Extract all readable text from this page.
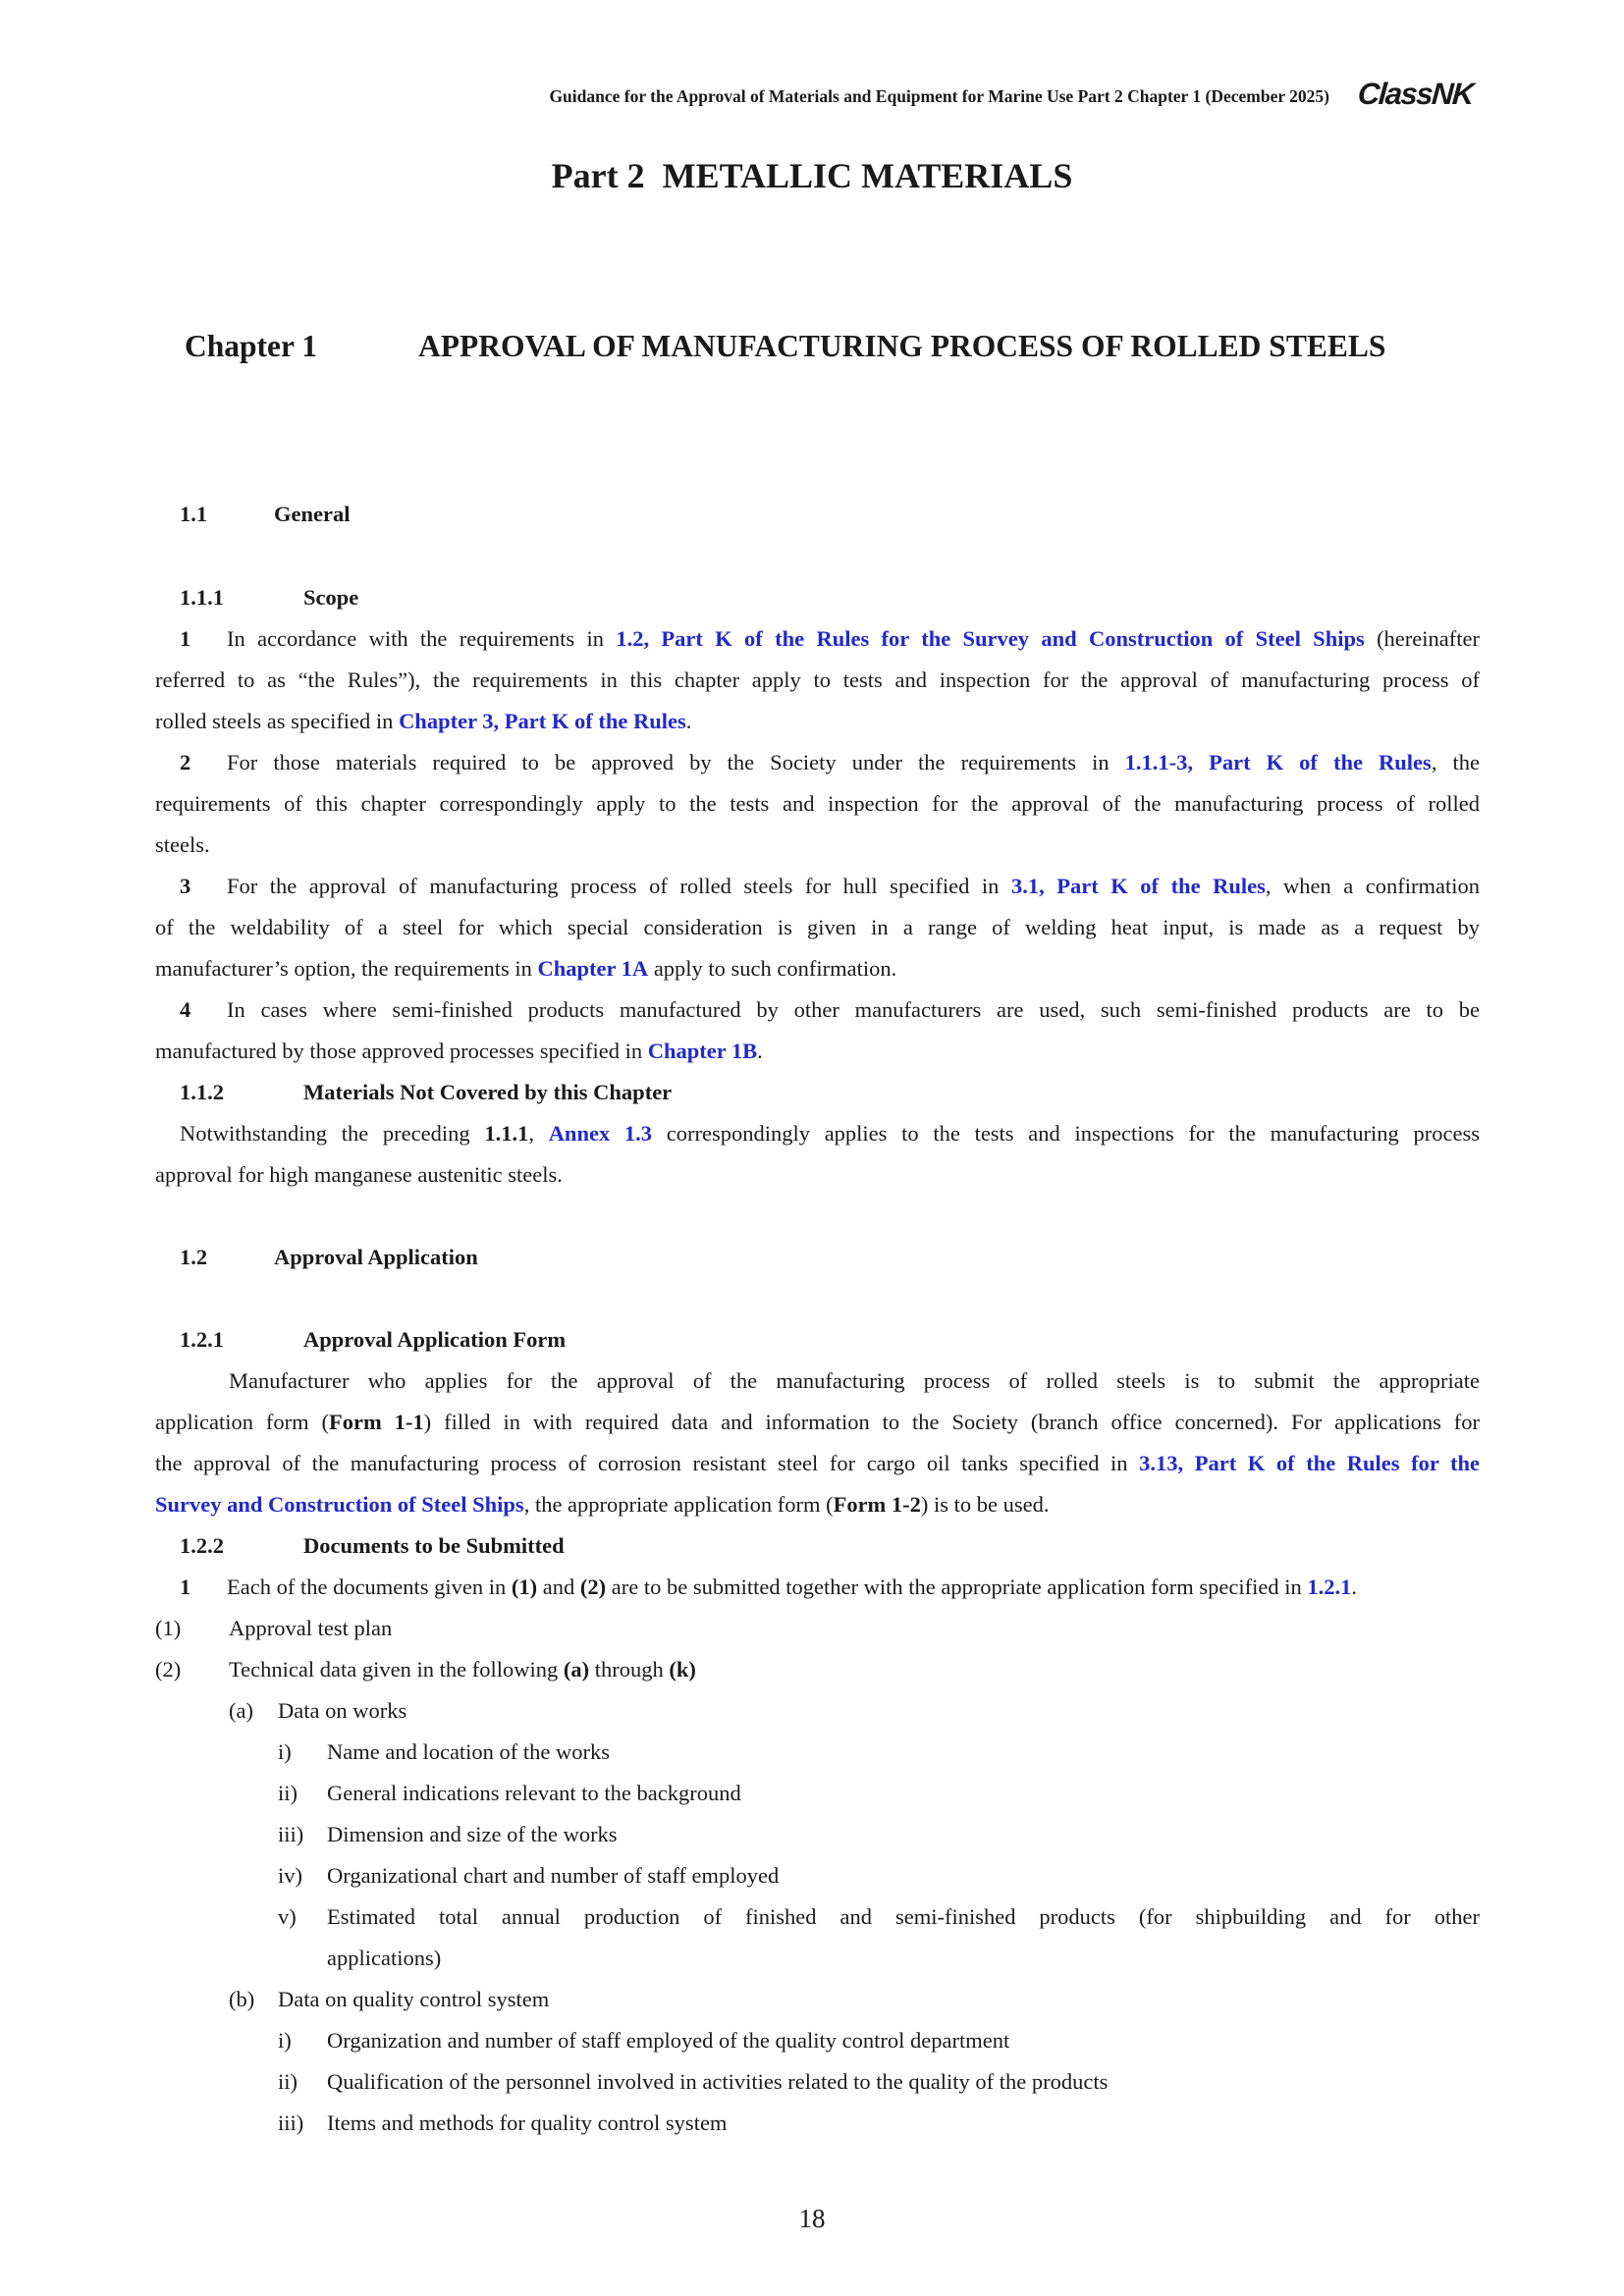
Guidance for the Approval of Materials and Equipment for Marine Use Part 2 Chapter 1 (December 2025) ClassNK
Part 2  METALLIC MATERIALS
Chapter 1	APPROVAL OF MANUFACTURING PROCESS OF ROLLED STEELS
1.1	General
1.1.1	Scope
1 In accordance with the requirements in 1.2, Part K of the Rules for the Survey and Construction of Steel Ships (hereinafter
referred to as “the Rules”), the requirements in this chapter apply to tests and inspection for the approval of manufacturing process of
rolled steels as specified in Chapter 3, Part K of the Rules.
2 For those materials required to be approved by the Society under the requirements in 1.1.1-3, Part K of the Rules, the
requirements of this chapter correspondingly apply to the tests and inspection for the approval of the manufacturing process of rolled
steels.
3 For the approval of manufacturing process of rolled steels for hull specified in 3.1, Part K of the Rules, when a confirmation
of the weldability of a steel for which special consideration is given in a range of welding heat input, is made as a request by
manufacturer’s option, the requirements in Chapter 1A apply to such confirmation.
4 In cases where semi-finished products manufactured by other manufacturers are used, such semi-finished products are to be
manufactured by those approved processes specified in Chapter 1B.
1.1.2	Materials Not Covered by this Chapter
Notwithstanding the preceding 1.1.1, Annex 1.3 correspondingly applies to the tests and inspections for the manufacturing process
approval for high manganese austenitic steels.
1.2	Approval Application
1.2.1	Approval Application Form
Manufacturer who applies for the approval of the manufacturing process of rolled steels is to submit the appropriate
application form (Form 1-1) filled in with required data and information to the Society (branch office concerned). For applications for
the approval of the manufacturing process of corrosion resistant steel for cargo oil tanks specified in 3.13, Part K of the Rules for the
Survey and Construction of Steel Ships, the appropriate application form (Form 1-2) is to be used.
1.2.2	Documents to be Submitted
1 Each of the documents given in (1) and (2) are to be submitted together with the appropriate application form specified in 1.2.1.
(1) Approval test plan
(2) Technical data given in the following (a) through (k)
(a) Data on works
i) Name and location of the works
ii) General indications relevant to the background
iii) Dimension and size of the works
iv) Organizational chart and number of staff employed
v) Estimated total annual production of finished and semi-finished products (for shipbuilding and for other
applications)
(b) Data on quality control system
i) Organization and number of staff employed of the quality control department
ii) Qualification of the personnel involved in activities related to the quality of the products
iii) Items and methods for quality control system
18
